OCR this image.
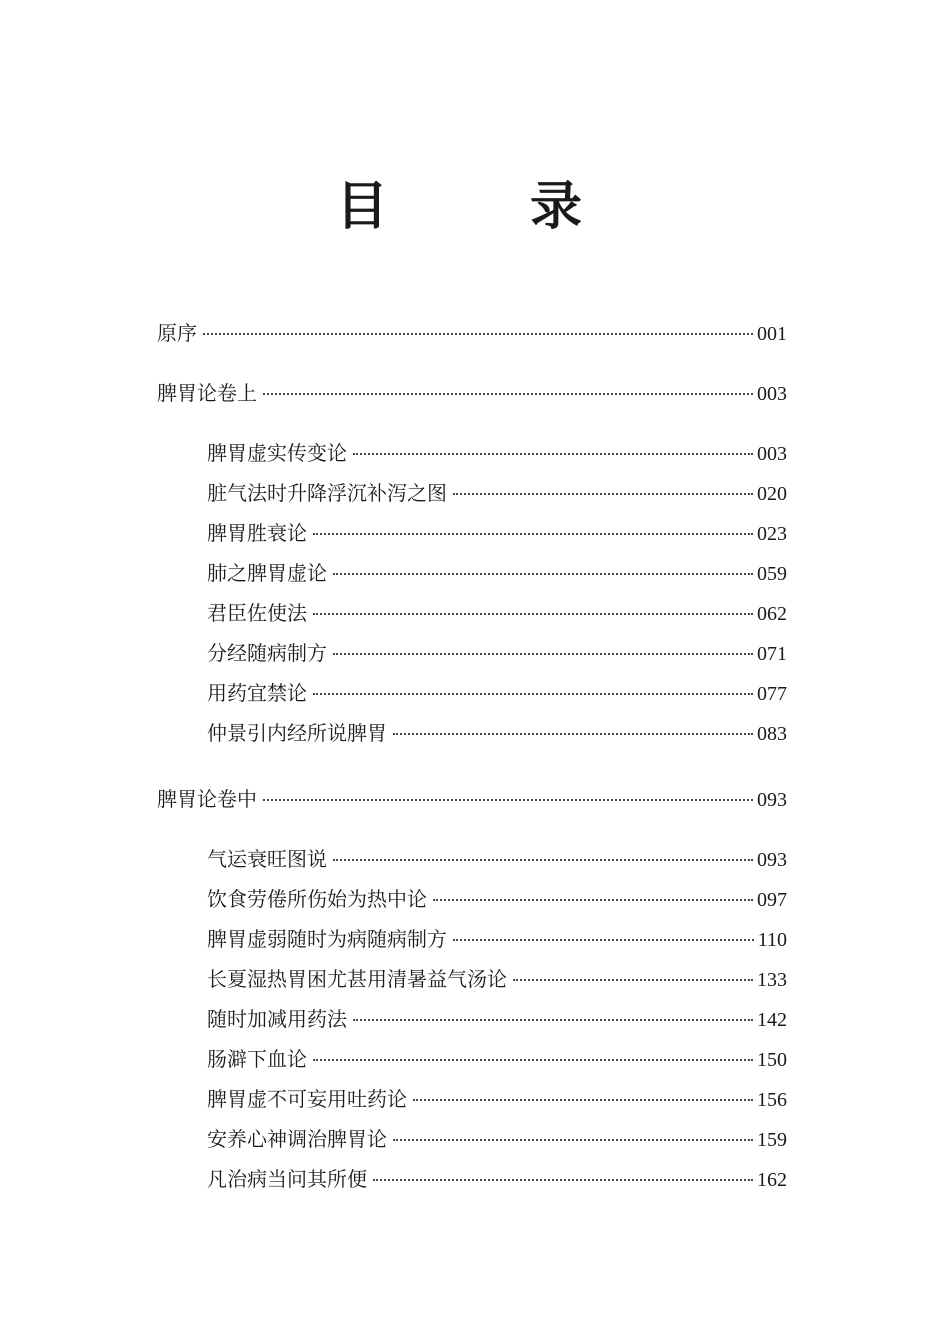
目 录
原序	001
脾胃论卷上	003
脾胃虚实传变论	003
脏气法时升降浮沉补泻之图	020
脾胃胜衰论	023
肺之脾胃虚论	059
君臣佐使法	062
分经随病制方	071
用药宜禁论	077
仲景引内经所说脾胃	083
脾胃论卷中	093
气运衰旺图说	093
饮食劳倦所伤始为热中论	097
脾胃虚弱随时为病随病制方	110
长夏湿热胃困尤甚用清暑益气汤论	133
随时加减用药法	142
肠澼下血论	150
脾胃虚不可妄用吐药论	156
安养心神调治脾胃论	159
凡治病当问其所便	162
